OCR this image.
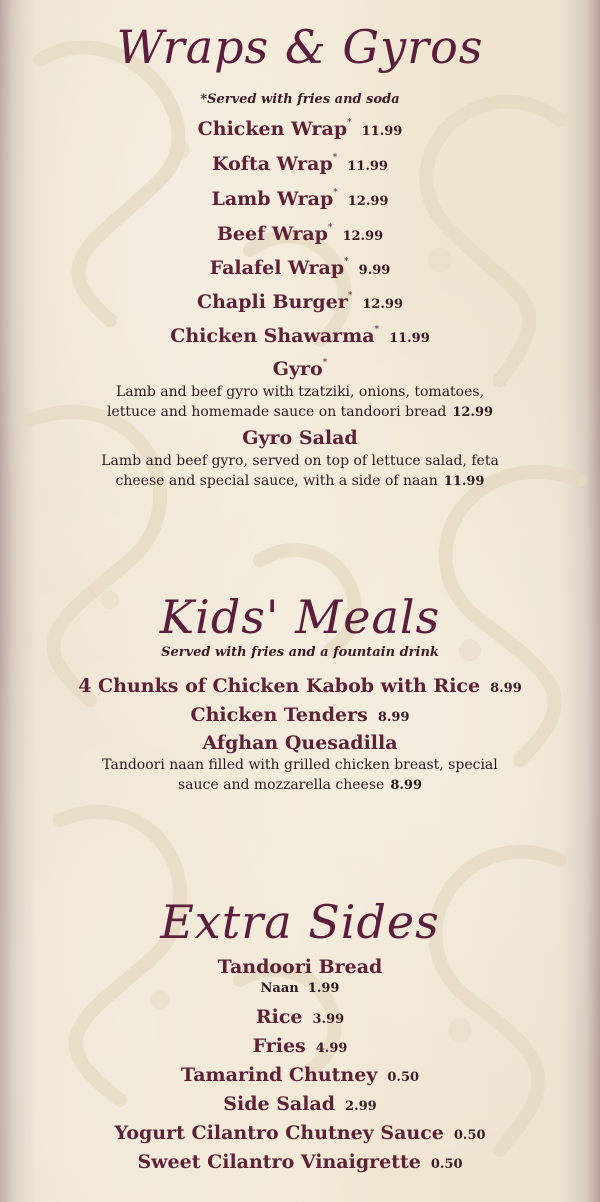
Wraps & Gyros
*Served with fries and soda
Chicken Wrap*11.99
Kofta Wrap*11.99
Lamb Wrap*12.99
Beef Wrap*12.99
Falafel Wrap*9.99
Chapli Burger*12.99
Chicken Shawarma*11.99
Gyro*
Lamb and beef gyro with tzatziki, onions, tomatoes, lettuce and homemade sauce on tandoori bread 12.99
Gyro Salad
Lamb and beef gyro, served on top of lettuce salad, feta cheese and special sauce, with a side of naan 11.99
Kids' Meals
Served with fries and a fountain drink
4 Chunks of Chicken Kabob with Rice 8.99
Chicken Tenders 8.99
Afghan Quesadilla
Tandoori naan filled with grilled chicken breast, special sauce and mozzarella cheese 8.99
Extra Sides
Tandoori Bread
Naan 1.99
Rice 3.99
Fries 4.99
Tamarind Chutney 0.50
Side Salad 2.99
Yogurt Cilantro Chutney Sauce 0.50
Sweet Cilantro Vinaigrette 0.50
